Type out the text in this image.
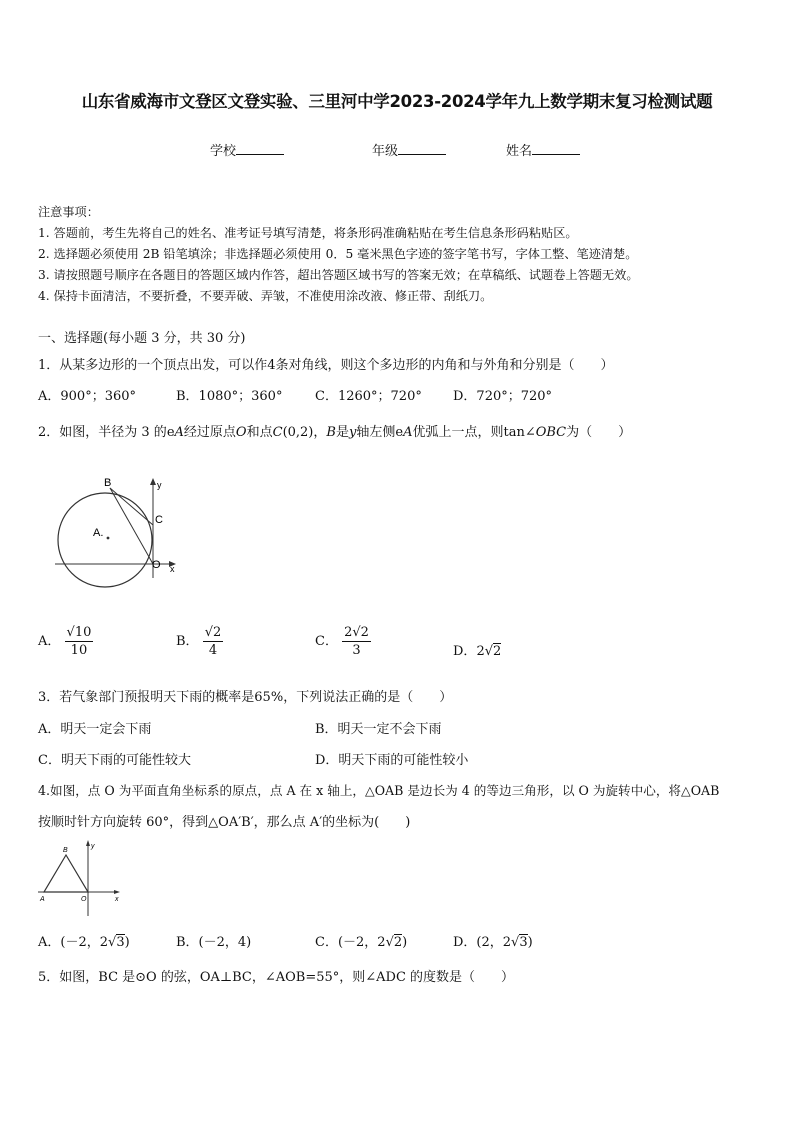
山东省威海市文登区文登实验、三里河中学2023-2024学年九上数学期末复习检测试题
学校	年级	姓名
注意事项：
1. 答题前，考生先将自己的姓名、准考证号填写清楚，将条形码准确粘贴在考生信息条形码粘贴区。
2. 选择题必须使用 2B 铅笔填涂；非选择题必须使用 0．5 毫米黑色字迹的签字笔书写，字体工整、笔迹清楚。
3. 请按照题号顺序在各题目的答题区域内作答，超出答题区域书写的答案无效；在草稿纸、试题卷上答题无效。
4. 保持卡面清洁，不要折叠，不要弄破、弄皱，不准使用涂改液、修正带、刮纸刀。
一、选择题(每小题 3 分，共 30 分)
1．从某多边形的一个顶点出发，可以作4条对角线，则这个多边形的内角和与外角和分别是（　　）
A．900°；360°	B．1080°；360°	C．1260°；720° D．720°；720°
2．如图，半径为 3 的eA经过原点O和点C(0,2)，B是y轴左侧eA优弧上一点，则tan∠OBC为（　　）
B	y
C
A.
O x
A． $\frac{√10}{10}$	B． $\frac{√2}{4}$	C． $\frac{2√2}{3}$	D．2√2
3．若气象部门预报明天下雨的概率是65%，下列说法正确的是（　　）
A．明天一定会下雨	B．明天一定不会下雨
C．明天下雨的可能性较大	D．明天下雨的可能性较小
4.如图，点 O 为平面直角坐标系的原点，点 A 在 x 轴上，△OAB 是边长为 4 的等边三角形，以 O 为旋转中心，将△OAB
按顺时针方向旋转 60°，得到△OA′B′，那么点 A′的坐标为(　　)
y
B
A	O	x
A．(－2，2√3)	B．(－2，4)	C．(－2，2√2)	D．(2，2√3)
5．如图，BC 是⊙O 的弦，OA⊥BC，∠AOB=55°，则∠ADC 的度数是（　　）
